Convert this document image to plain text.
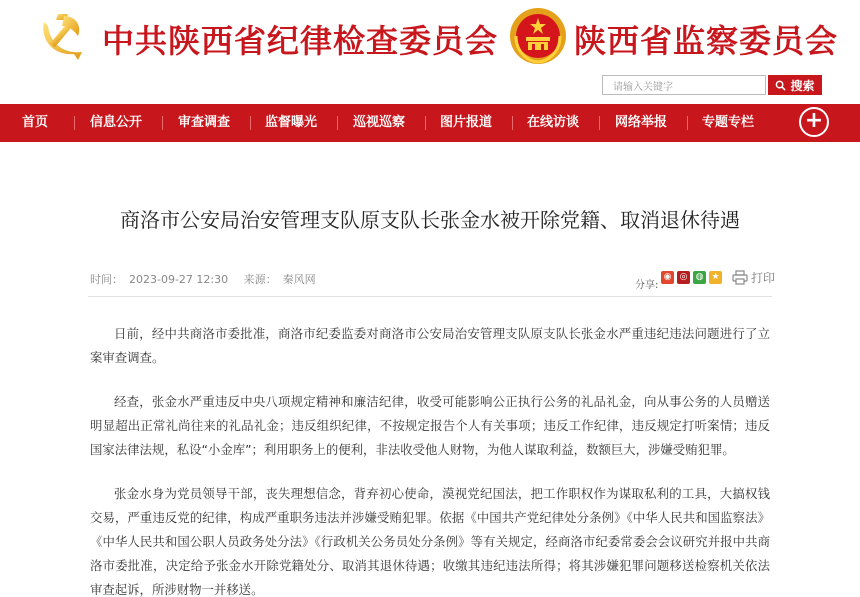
中共陕西省纪律检查委员会 陕西省监察委员会
请输入关键字	搜索
首页	信息公开	审查调查	监督曝光	巡视巡察	图片报道	在线访谈	网络举报	专题专栏	+
商洛市公安局治安管理支队原支队长张金水被开除党籍、取消退休待遇
时间： 2023-09-27 12:30 来源： 秦风网	分享:
◉ ◎ ◍ ★	打印

日前，经中共商洛市委批准，商洛市纪委监委对商洛市公安局治安管理支队原支队长张金水严重违纪违法问题进行了立案审查调查。

经查，张金水严重违反中央八项规定精神和廉洁纪律，收受可能影响公正执行公务的礼品礼金，向从事公务的人员赠送明显超出正常礼尚往来的礼品礼金；违反组织纪律，不按规定报告个人有关事项；违反工作纪律，违反规定打听案情；违反国家法律法规，私设“小金库”；利用职务上的便利，非法收受他人财物，为他人谋取利益，数额巨大，涉嫌受贿犯罪。

张金水身为党员领导干部，丧失理想信念，背弃初心使命，漠视党纪国法，把工作职权作为谋取私利的工具，大搞权钱交易，严重违反党的纪律，构成严重职务违法并涉嫌受贿犯罪。依据《中国共产党纪律处分条例》《中华人民共和国监察法》《中华人民共和国公职人员政务处分法》《行政机关公务员处分条例》等有关规定，经商洛市纪委常委会会议研究并报中共商洛市委批准，决定给予张金水开除党籍处分、取消其退休待遇；收缴其违纪违法所得；将其涉嫌犯罪问题移送检察机关依法审查起诉，所涉财物一并移送。
